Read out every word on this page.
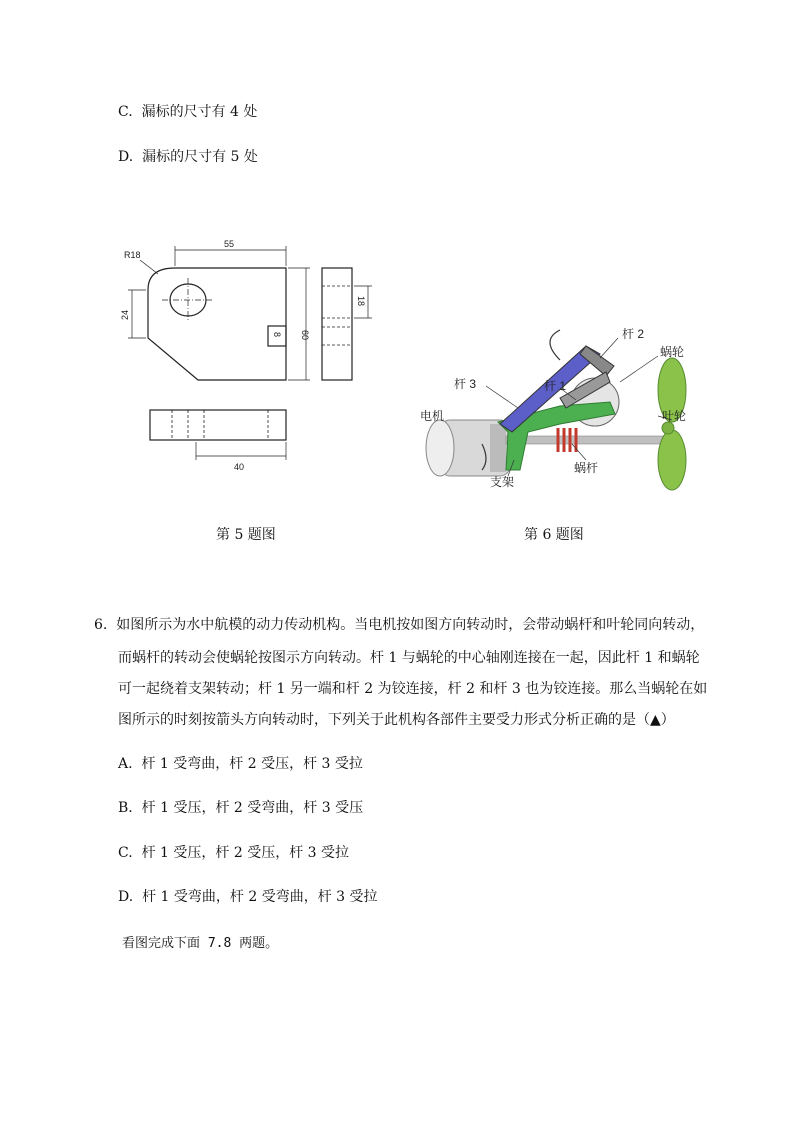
C. 漏标的尺寸有 4 处
D. 漏标的尺寸有 5 处
R18
55
24
60
8
18
40
杆 2
蜗轮
杆 3	杆 1
电机	叶轮
蜗杆
支架
第 5 题图	第 6 题图
6. 如图所示为水中航模的动力传动机构。当电机按如图方向转动时，会带动蜗杆和叶轮同向转动，
而蜗杆的转动会使蜗轮按图示方向转动。杆 1 与蜗轮的中心轴刚连接在一起，因此杆 1 和蜗轮
可一起绕着支架转动；杆 1 另一端和杆 2 为铰连接，杆 2 和杆 3 也为铰连接。那么当蜗轮在如
图所示的时刻按箭头方向转动时，下列关于此机构各部件主要受力形式分析正确的是（▲）
A. 杆 1 受弯曲，杆 2 受压，杆 3 受拉
B. 杆 1 受压，杆 2 受弯曲，杆 3 受压
C. 杆 1 受压，杆 2 受压，杆 3 受拉
D. 杆 1 受弯曲，杆 2 受弯曲，杆 3 受拉
看图完成下面 7.8 两题。
